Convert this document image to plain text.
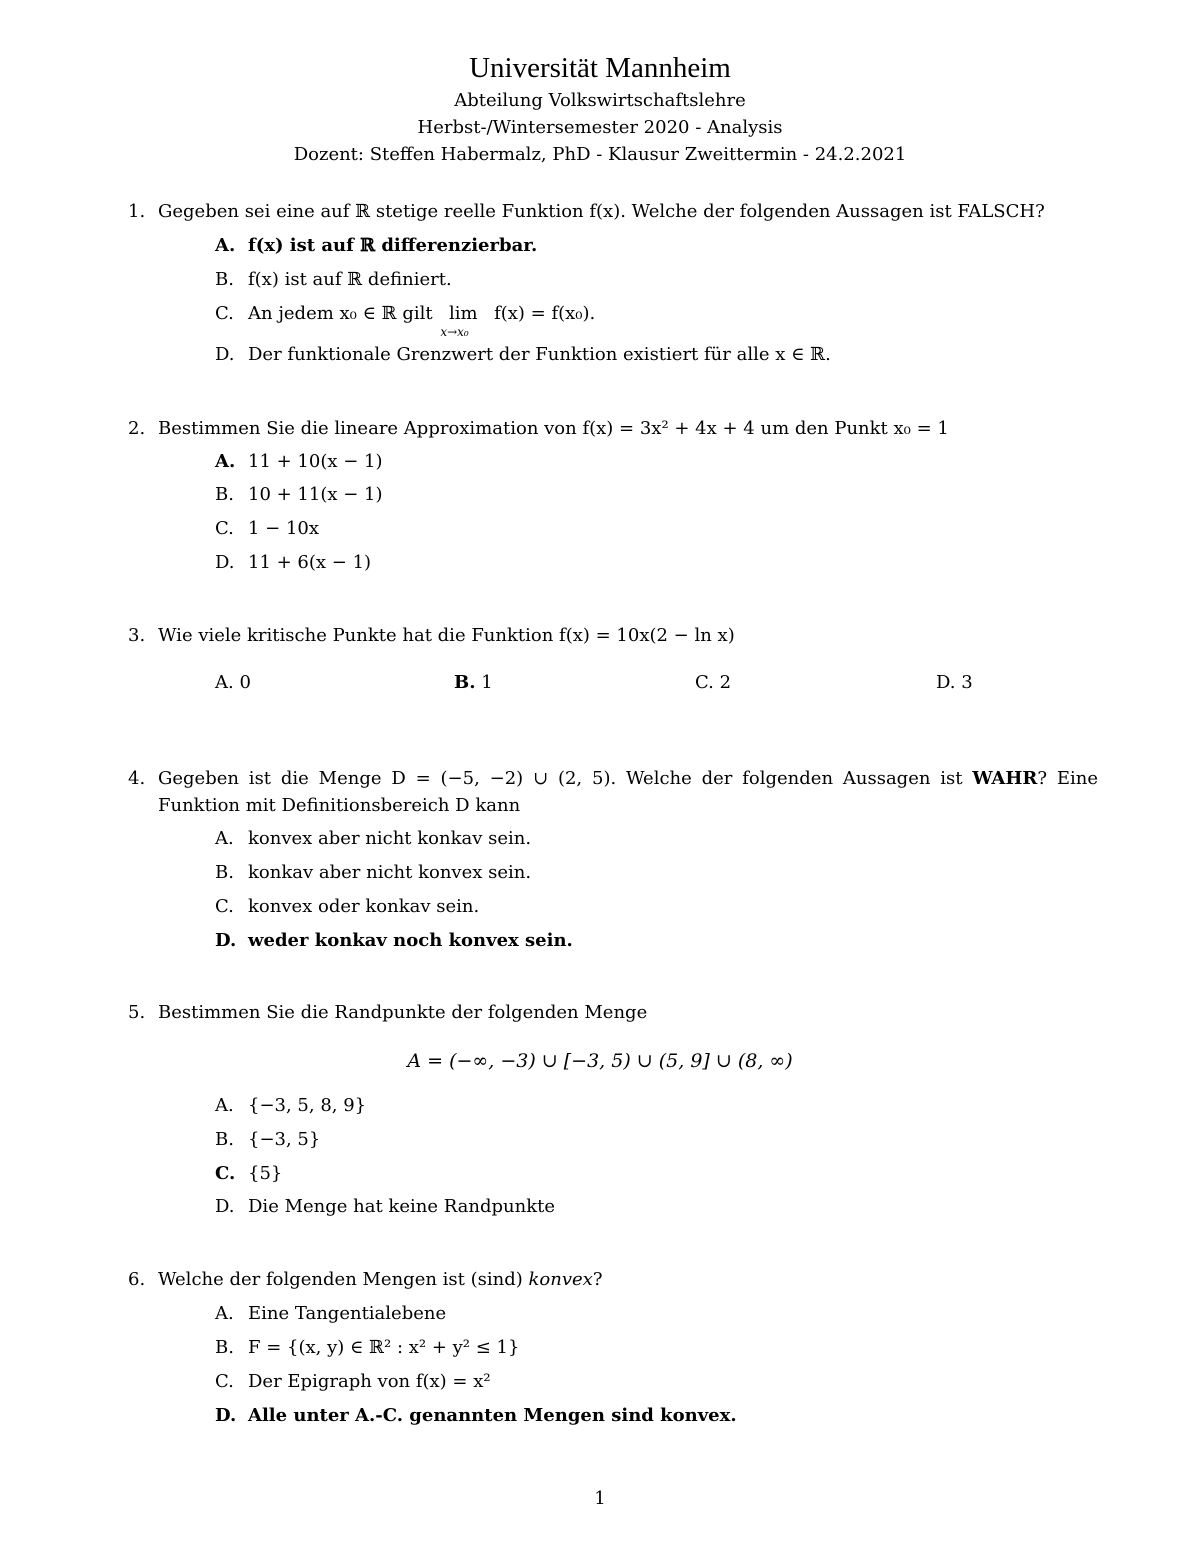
Universität Mannheim
Abteilung Volkswirtschaftslehre
Herbst-/Wintersemester 2020 - Analysis
Dozent: Steffen Habermalz, PhD - Klausur Zweittermin - 24.2.2021
1. Gegeben sei eine auf ℝ stetige reelle Funktion f(x). Welche der folgenden Aussagen ist FALSCH?
A. f(x) ist auf ℝ differenzierbar.
B. f(x) ist auf ℝ definiert.
C. An jedem x₀ ∈ ℝ gilt lim
x→x₀
f(x) = f(x₀).
D. Der funktionale Grenzwert der Funktion existiert für alle x ∈ ℝ.
2. Bestimmen Sie die lineare Approximation von f(x) = 3x² + 4x + 4 um den Punkt x₀ = 1
A. 11 + 10(x − 1)
B. 10 + 11(x − 1)
C. 1 − 10x
D. 11 + 6(x − 1)
3. Wie viele kritische Punkte hat die Funktion f(x) = 10x(2 − ln x)
A. 0	B. 1	C. 2	D. 3
4. Gegeben ist die Menge D = (−5, −2) ∪ (2, 5). Welche der folgenden Aussagen ist WAHR? Eine Funktion mit Definitionsbereich D kann
A. konvex aber nicht konkav sein.
B. konkav aber nicht konvex sein.
C. konvex oder konkav sein.
D. weder konkav noch konvex sein.
5. Bestimmen Sie die Randpunkte der folgenden Menge
A = (−∞, −3) ∪ [−3, 5) ∪ (5, 9] ∪ (8, ∞)
A. {−3, 5, 8, 9}
B. {−3, 5}
C. {5}
D. Die Menge hat keine Randpunkte
6. Welche der folgenden Mengen ist (sind) konvex?
A. Eine Tangentialebene
B. F = {(x, y) ∈ ℝ² : x² + y² ≤ 1}
C. Der Epigraph von f(x) = x²
D. Alle unter A.-C. genannten Mengen sind konvex.
1
